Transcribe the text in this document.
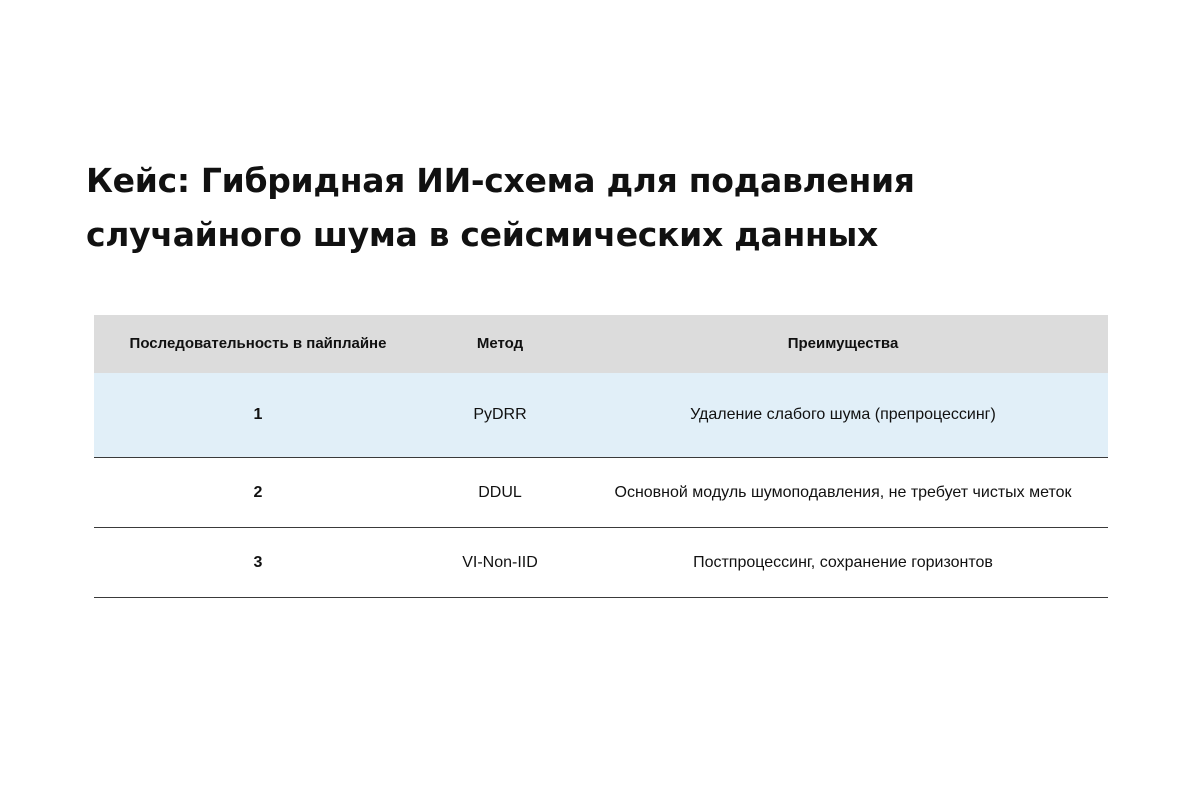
Кейс: Гибридная ИИ-схема для подавления случайного шума в сейсмических данных
Последовательность в пайплайне	Метод	Преимущества
1	PyDRR	Удаление слабого шума (препроцессинг)
2	DDUL	Основной модуль шумоподавления, не требует чистых меток
3	VI-Non-IID	Постпроцессинг, сохранение горизонтов
